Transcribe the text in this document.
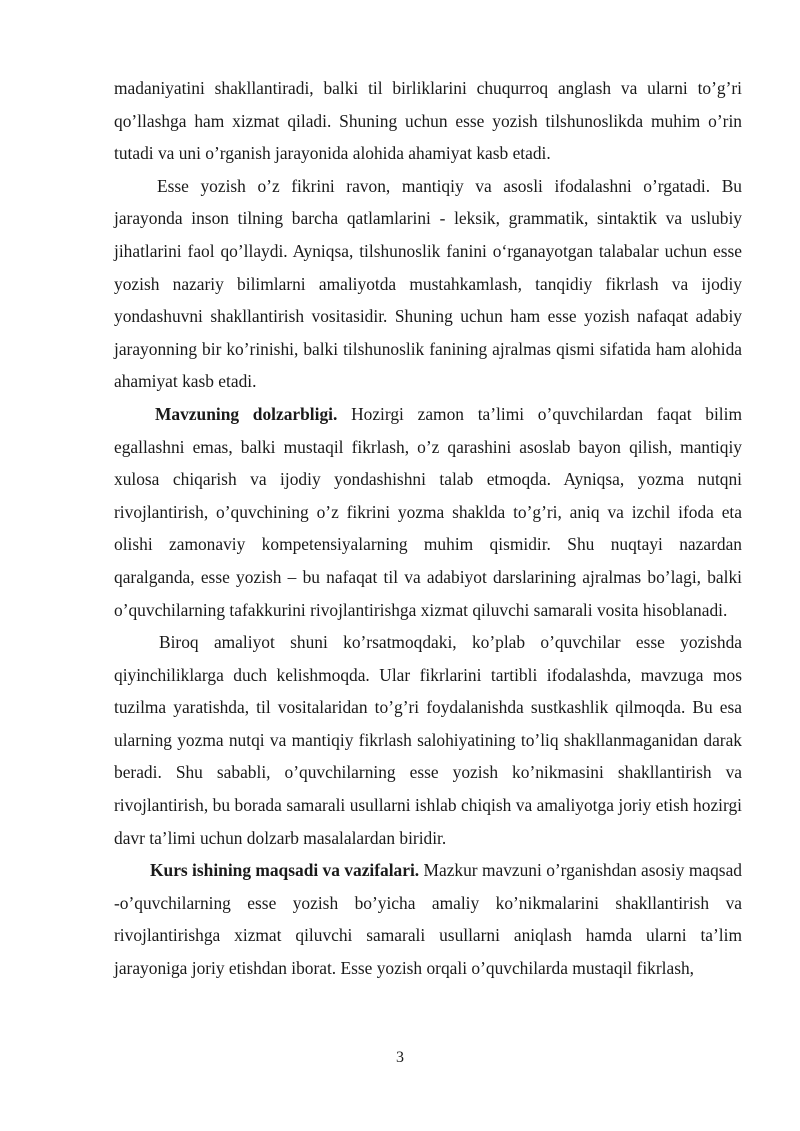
madaniyatini shakllantiradi, balki til birliklarini chuqurroq anglash va ularni to’g’ri qo’llashga ham xizmat qiladi. Shuning uchun esse yozish tilshunoslikda muhim o’rin tutadi va uni o’rganish jarayonida alohida ahamiyat kasb etadi.

Esse yozish o’z fikrini ravon, mantiqiy va asosli ifodalashni o’rgatadi. Bu jarayonda inson tilning barcha qatlamlarini - leksik, grammatik, sintaktik va uslubiy jihatlarini faol qo’llaydi. Ayniqsa, tilshunoslik fanini o‘rganayotgan talabalar uchun esse yozish nazariy bilimlarni amaliyotda mustahkamlash, tanqidiy fikrlash va ijodiy yondashuvni shakllantirish vositasidir. Shuning uchun ham esse yozish nafaqat adabiy jarayonning bir ko’rinishi, balki tilshunoslik fanining ajralmas qismi sifatida ham alohida ahamiyat kasb etadi.

Mavzuning dolzarbligi. Hozirgi zamon ta’limi o’quvchilardan faqat bilim egallashni emas, balki mustaqil fikrlash, o’z qarashini asoslab bayon qilish, mantiqiy xulosa chiqarish va ijodiy yondashishni talab etmoqda. Ayniqsa, yozma nutqni rivojlantirish, o’quvchining o’z fikrini yozma shaklda to’g’ri, aniq va izchil ifoda eta olishi zamonaviy kompetensiyalarning muhim qismidir. Shu nuqtayi nazardan qaralganda, esse yozish – bu nafaqat til va adabiyot darslarining ajralmas bo’lagi, balki o’quvchilarning tafakkurini rivojlantirishga xizmat qiluvchi samarali vosita hisoblanadi.

Biroq amaliyot shuni ko’rsatmoqdaki, ko’plab o’quvchilar esse yozishda qiyinchiliklarga duch kelishmoqda. Ular fikrlarini tartibli ifodalashda, mavzuga mos tuzilma yaratishda, til vositalaridan to’g’ri foydalanishda sustkashlik qilmoqda. Bu esa ularning yozma nutqi va mantiqiy fikrlash salohiyatining to’liq shakllanmaganidan darak beradi. Shu sababli, o’quvchilarning esse yozish ko’nikmasini shakllantirish va rivojlantirish, bu borada samarali usullarni ishlab chiqish va amaliyotga joriy etish hozirgi davr ta’limi uchun dolzarb masalalardan biridir.

Kurs ishining maqsadi va vazifalari. Mazkur mavzuni o’rganishdan asosiy maqsad -o’quvchilarning esse yozish bo’yicha amaliy ko’nikmalarini shakllantirish va rivojlantirishga xizmat qiluvchi samarali usullarni aniqlash hamda ularni ta’lim jarayoniga joriy etishdan iborat. Esse yozish orqali o’quvchilarda mustaqil fikrlash,

3
